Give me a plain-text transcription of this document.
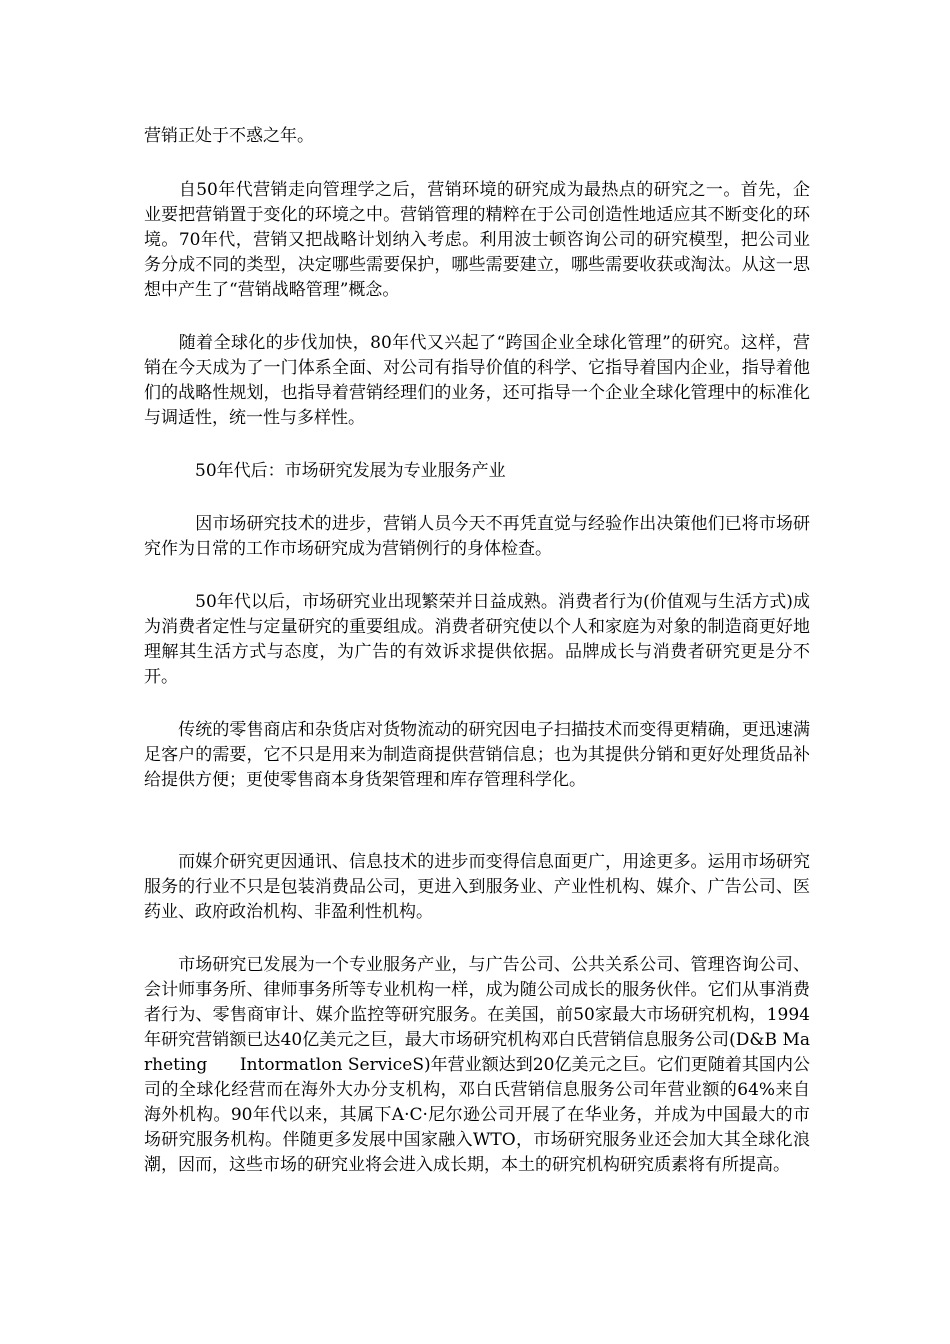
营销正处于不惑之年。

　　自50年代营销走向管理学之后，营销环境的研究成为最热点的研究之一。首先，企业要把营销置于变化的环境之中。营销管理的精粹在于公司创造性地适应其不断变化的环境。70年代，营销又把战略计划纳入考虑。利用波士顿咨询公司的研究模型，把公司业务分成不同的类型，决定哪些需要保护，哪些需要建立，哪些需要收获或淘汰。从这一思想中产生了“营销战略管理”概念。

　　随着全球化的步伐加快，80年代又兴起了“跨国企业全球化管理”的研究。这样，营销在今天成为了一门体系全面、对公司有指导价值的科学、它指导着国内企业，指导着他们的战略性规划，也指导着营销经理们的业务，还可指导一个企业全球化管理中的标准化与调适性，统一性与多样性。

　　　50年代后：市场研究发展为专业服务产业

　　　因市场研究技术的进步，营销人员今天不再凭直觉与经验作出决策他们已将市场研究作为日常的工作市场研究成为营销例行的身体检查。

　　　50年代以后，市场研究业出现繁荣并日益成熟。消费者行为(价值观与生活方式)成为消费者定性与定量研究的重要组成。消费者研究使以个人和家庭为对象的制造商更好地理解其生活方式与态度，为广告的有效诉求提供依据。品牌成长与消费者研究更是分不开。

　　传统的零售商店和杂货店对货物流动的研究因电子扫描技术而变得更精确，更迅速满足客户的需要，它不只是用来为制造商提供营销信息；也为其提供分销和更好处理货品补给提供方便；更使零售商本身货架管理和库存管理科学化。

　　而媒介研究更因通讯、信息技术的进步而变得信息面更广，用途更多。运用市场研究服务的行业不只是包装消费品公司，更进入到服务业、产业性机构、媒介、广告公司、医药业、政府政治机构、非盈利性机构。

　　市场研究已发展为一个专业服务产业，与广告公司、公共关系公司、管理咨询公司、会计师事务所、律师事务所等专业机构一样，成为随公司成长的服务伙伴。它们从事消费者行为、零售商审计、媒介监控等研究服务。在美国，前50家最大市场研究机构，1994年研究营销额已达40亿美元之巨，最大市场研究机构邓白氏营销信息服务公司(D&B Marheting      Intormatlon ServiceS)年营业额达到20亿美元之巨。它们更随着其国内公司的全球化经营而在海外大办分支机构，邓白氏营销信息服务公司年营业额的64%来自海外机构。90年代以来，其属下A·C·尼尔逊公司开展了在华业务，并成为中国最大的市场研究服务机构。伴随更多发展中国家融入WTO，市场研究服务业还会加大其全球化浪潮，因而，这些市场的研究业将会进入成长期，本土的研究机构研究质素将有所提高。
